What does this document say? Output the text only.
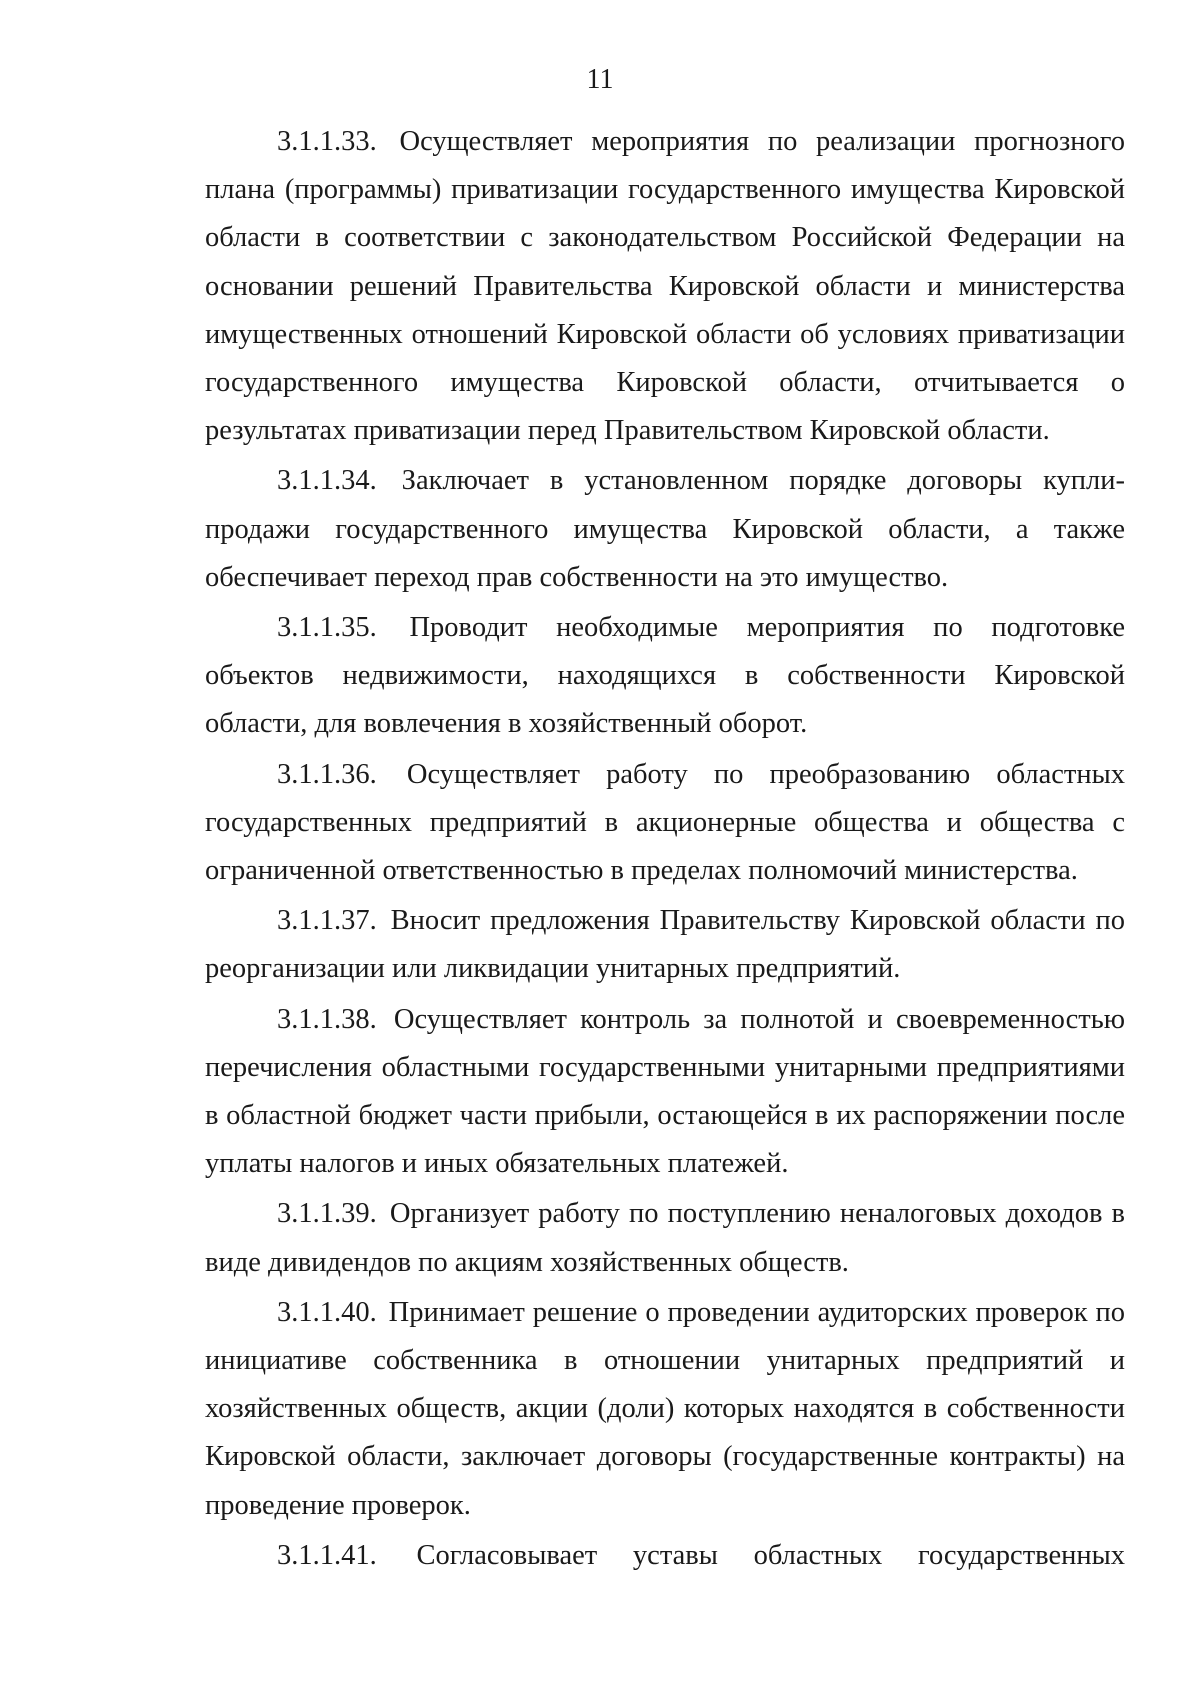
11

3.1.1.33. Осуществляет мероприятия по реализации прогнозного плана (программы) приватизации государственного имущества Кировской области в соответствии с законодательством Российской Федерации на основании решений Правительства Кировской области и министерства имущественных отношений Кировской области об условиях приватизации государственного имущества Кировской области, отчитывается о результатах приватизации перед Правительством Кировской области.

3.1.1.34. Заключает в установленном порядке договоры купли-продажи государственного имущества Кировской области, а также обеспечивает переход прав собственности на это имущество.

3.1.1.35. Проводит необходимые мероприятия по подготовке объектов недвижимости, находящихся в собственности Кировской области, для вовлечения в хозяйственный оборот.

3.1.1.36. Осуществляет работу по преобразованию областных государственных предприятий в акционерные общества и общества с ограниченной ответственностью в пределах полномочий министерства.

3.1.1.37. Вносит предложения Правительству Кировской области по реорганизации или ликвидации унитарных предприятий.

3.1.1.38. Осуществляет контроль за полнотой и своевременностью перечисления областными государственными унитарными предприятиями в областной бюджет части прибыли, остающейся в их распоряжении после уплаты налогов и иных обязательных платежей.

3.1.1.39. Организует работу по поступлению неналоговых доходов в виде дивидендов по акциям хозяйственных обществ.

3.1.1.40. Принимает решение о проведении аудиторских проверок по инициативе собственника в отношении унитарных предприятий и хозяйственных обществ, акции (доли) которых находятся в собственности Кировской области, заключает договоры (государственные контракты) на проведение проверок.

3.1.1.41. Согласовывает уставы областных государственных
